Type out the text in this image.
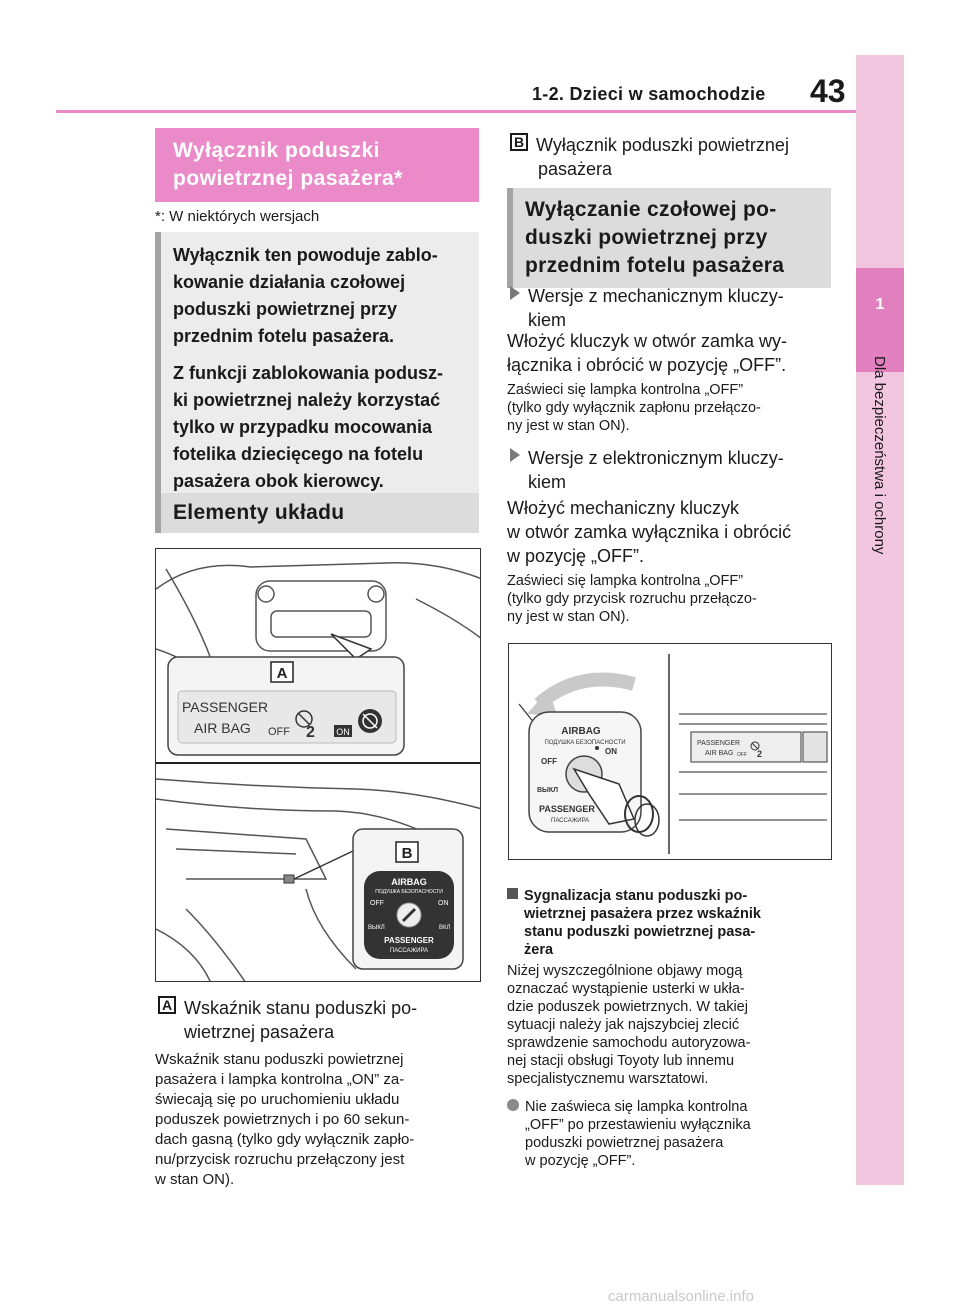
1-2. Dzieci w samochodzie 43
1
Dla bezpieczeństwa i ochrony
Wyłącznik poduszki
powietrznej pasażera*
*: W niektórych wersjach

Wyłącznik ten powoduje zablo-
kowanie działania czołowej
poduszki powietrznej przy
przednim fotelu pasażera.

Z funkcji zablokowania podusz-
ki powietrznej należy korzystać
tylko w przypadku mocowania
fotelika dziecięcego na fotelu
pasażera obok kierowcy.

Elementy układu
A
PASSENGER
AIR BAG OFF 2 ON
B
AIRBAG
ПОДУШКА БЕЗОПАСНОСТИ
OFF	ON
ВЫКЛ	ВКЛ
PASSENGER
ПАССАЖИРА
A Wskaźnik stanu poduszki po-
wietrznej pasażera
Wskaźnik stanu poduszki powietrznej
pasażera i lampka kontrolna „ON” za-
świecają się po uruchomieniu układu
poduszek powietrznych i po 60 sekun-
dach gasną (tylko gdy wyłącznik zapło-
nu/przycisk rozruchu przełączony jest
w stan ON).
B Wyłącznik poduszki powietrznej
pasażera
Wyłączanie czołowej po-
duszki powietrznej przy
przednim fotelu pasażera
Wersje z mechanicznym kluczy-
kiem
Włożyć kluczyk w otwór zamka wy-
łącznika i obrócić w pozycję „OFF”.
Zaświeci się lampka kontrolna „OFF”
(tylko gdy wyłącznik zapłonu przełączo-
ny jest w stan ON).
Wersje z elektronicznym kluczy-
kiem
Włożyć mechaniczny kluczyk
w otwór zamka wyłącznika i obrócić
w pozycję „OFF”.
Zaświeci się lampka kontrolna „OFF”
(tylko gdy przycisk rozruchu przełączo-
ny jest w stan ON).
AIRBAG
ПОДУШКА БЕЗОПАСНОСТИ
OFF
ON
ВЫКЛ
PASSENGER
ПАССАЖИРА
PASSENGER
AIR BAG OFF 2
Sygnalizacja stanu poduszki po-
wietrznej pasażera przez wskaźnik
stanu poduszki powietrznej pasa-
żera
Niżej wyszczególnione objawy mogą
oznaczać wystąpienie usterki w ukła-
dzie poduszek powietrznych. W takiej
sytuacji należy jak najszybciej zlecić
sprawdzenie samochodu autoryzowa-
nej stacji obsługi Toyoty lub innemu
specjalistycznemu warsztatowi.
Nie zaświeca się lampka kontrolna
„OFF” po przestawieniu wyłącznika
poduszki powietrznej pasażera
w pozycję „OFF”.
carmanualsonline.info
